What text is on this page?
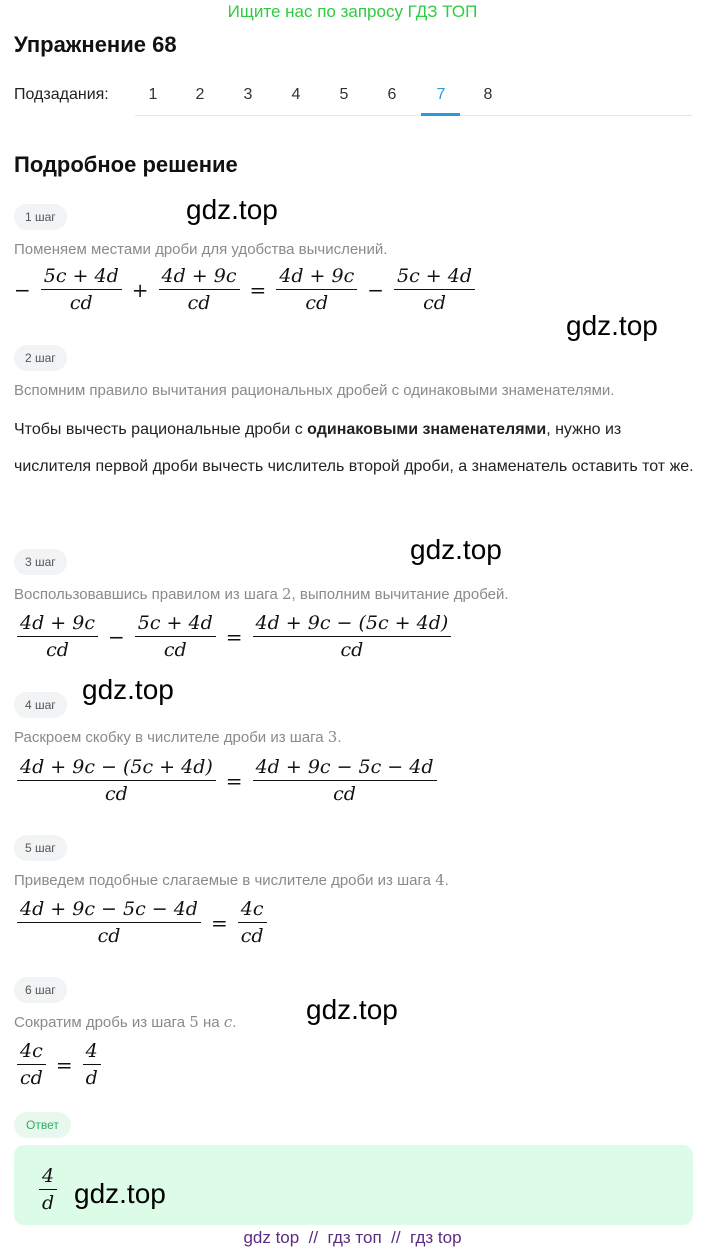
Ищите нас по запросу ГДЗ ТОП
Упражнение 68
Подзадания:	1	2	3	4	5	6	7	8
Подробное решение
1 шаг	gdz.top
Поменяем местами дроби для удобства вычислений.
− $\frac{5c + 4d}{cd} + \frac{4d + 9c}{cd} = \frac{4d + 9c}{cd} - \frac{5c + 4d}{cd}$
gdz.top
2 шаг
Вспомним правило вычитания рациональных дробей с одинаковыми знаменателями.
Чтобы вычесть рациональные дроби с одинаковыми знаменателями, нужно из числителя первой дроби вычесть числитель второй дроби, а знаменатель оставить тот же.
3 шаг	gdz.top
Воспользовавшись правилом из шага 2, выполним вычитание дробей.
$\frac{4d + 9c}{cd} - \frac{5c + 4d}{cd} = \frac{4d + 9c - (5c + 4d)}{cd}$
4 шаг gdz.top
Раскроем скобку в числителе дроби из шага 3.
$\frac{4d + 9c - (5c + 4d)}{cd} = \frac{4d + 9c - 5c - 4d}{cd}$
5 шаг
Приведем подобные слагаемые в числителе дроби из шага 4.
$\frac{4d + 9c - 5c - 4d}{cd} = \frac{4c}{cd}$
6 шаг
gdz.top
Сократим дробь из шага 5 на c.
$\frac{4c}{cd} = \frac{4}{d}$
Ответ
$\frac{4}{d} gdz.top$
gdz top  //  гдз топ  //  гдз top
